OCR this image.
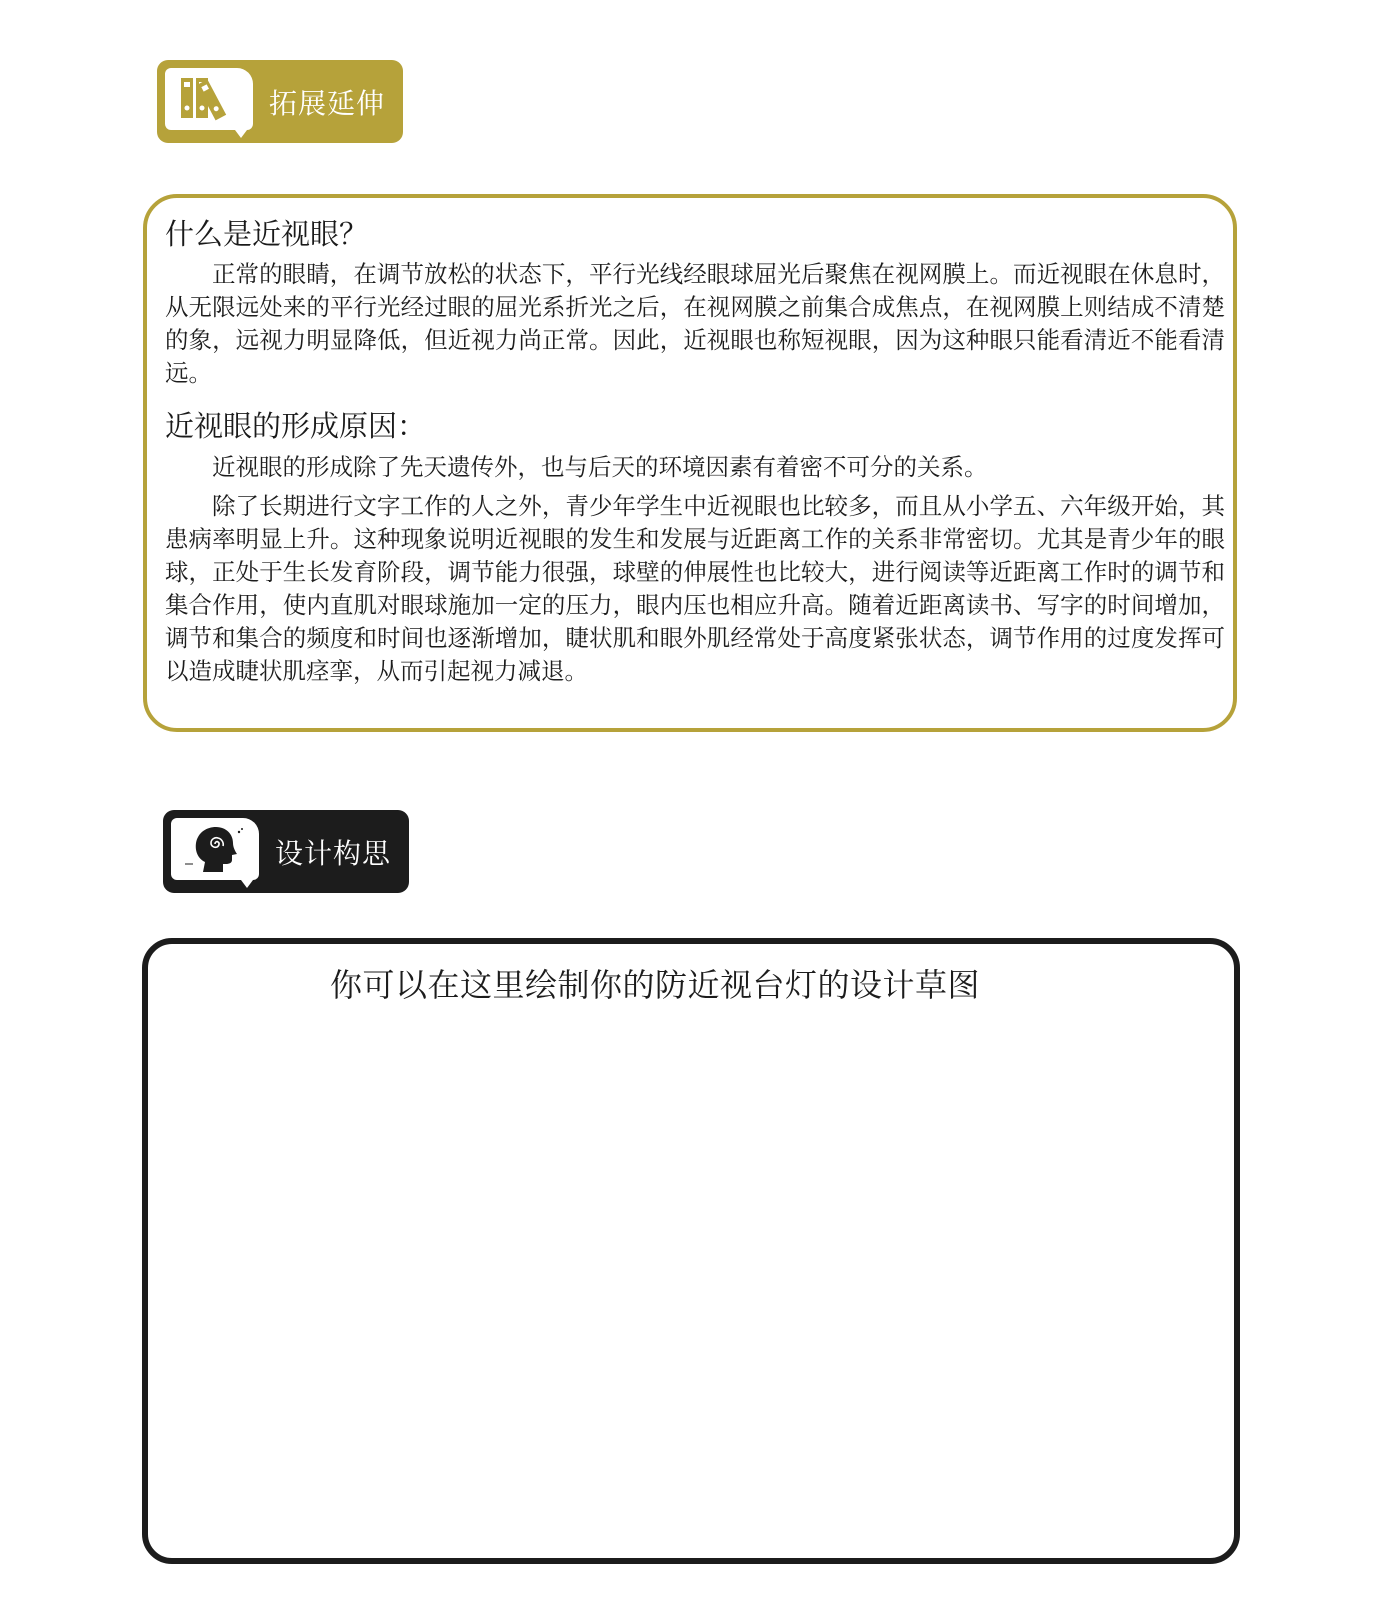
拓展延伸
什么是近视眼？

正常的眼睛，在调节放松的状态下，平行光线经眼球屈光后聚焦在视网膜上。而近视眼在休息时，从无限远处来的平行光经过眼的屈光系折光之后，在视网膜之前集合成焦点，在视网膜上则结成不清楚的象，远视力明显降低，但近视力尚正常。因此，近视眼也称短视眼，因为这种眼只能看清近不能看清远。

近视眼的形成原因：

近视眼的形成除了先天遗传外，也与后天的环境因素有着密不可分的关系。

除了长期进行文字工作的人之外，青少年学生中近视眼也比较多，而且从小学五、六年级开始，其患病率明显上升。这种现象说明近视眼的发生和发展与近距离工作的关系非常密切。尤其是青少年的眼球，正处于生长发育阶段，调节能力很强，球壁的伸展性也比较大，进行阅读等近距离工作时的调节和集合作用，使内直肌对眼球施加一定的压力，眼内压也相应升高。随着近距离读书、写字的时间增加，调节和集合的频度和时间也逐渐增加，睫状肌和眼外肌经常处于高度紧张状态，调节作用的过度发挥可以造成睫状肌痉挛，从而引起视力减退。

设计构思
你可以在这里绘制你的防近视台灯的设计草图
